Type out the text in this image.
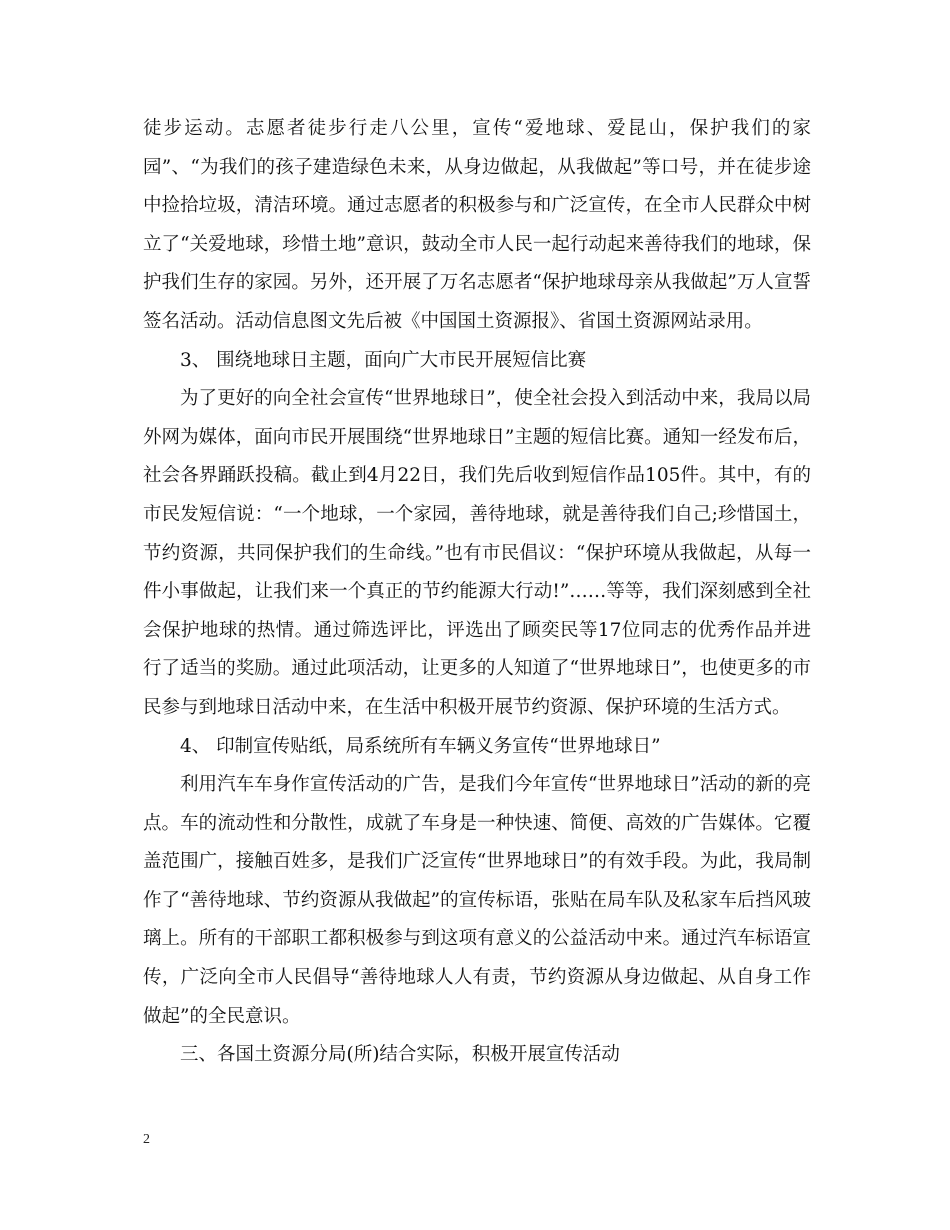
徒步运动。志愿者徒步行走八公里，宣传“爱地球、爱昆山，保护我们的家园”、“为我们的孩子建造绿色未来，从身边做起，从我做起”等口号，并在徒步途中捡拾垃圾，清洁环境。通过志愿者的积极参与和广泛宣传，在全市人民群众中树立了“关爱地球，珍惜土地”意识，鼓动全市人民一起行动起来善待我们的地球，保护我们生存的家园。另外，还开展了万名志愿者“保护地球母亲从我做起”万人宣誓签名活动。活动信息图文先后被《中国国土资源报》、省国土资源网站录用。

3、 围绕地球日主题，面向广大市民开展短信比赛

为了更好的向全社会宣传“世界地球日”，使全社会投入到活动中来，我局以局外网为媒体，面向市民开展围绕“世界地球日”主题的短信比赛。通知一经发布后，社会各界踊跃投稿。截止到4月22日，我们先后收到短信作品105件。其中，有的市民发短信说：“一个地球，一个家园，善待地球，就是善待我们自己;珍惜国土，节约资源，共同保护我们的生命线。”也有市民倡议：“保护环境从我做起，从每一件小事做起，让我们来一个真正的节约能源大行动!”……等等，我们深刻感到全社会保护地球的热情。通过筛选评比，评选出了顾奕民等17位同志的优秀作品并进行了适当的奖励。通过此项活动，让更多的人知道了“世界地球日”，也使更多的市民参与到地球日活动中来，在生活中积极开展节约资源、保护环境的生活方式。

4、 印制宣传贴纸，局系统所有车辆义务宣传“世界地球日”

利用汽车车身作宣传活动的广告，是我们今年宣传“世界地球日”活动的新的亮点。车的流动性和分散性，成就了车身是一种快速、简便、高效的广告媒体。它覆盖范围广，接触百姓多，是我们广泛宣传“世界地球日”的有效手段。为此，我局制作了“善待地球、节约资源从我做起”的宣传标语，张贴在局车队及私家车后挡风玻璃上。所有的干部职工都积极参与到这项有意义的公益活动中来。通过汽车标语宣传，广泛向全市人民倡导“善待地球人人有责，节约资源从身边做起、从自身工作做起”的全民意识。

三、各国土资源分局(所)结合实际，积极开展宣传活动

2
